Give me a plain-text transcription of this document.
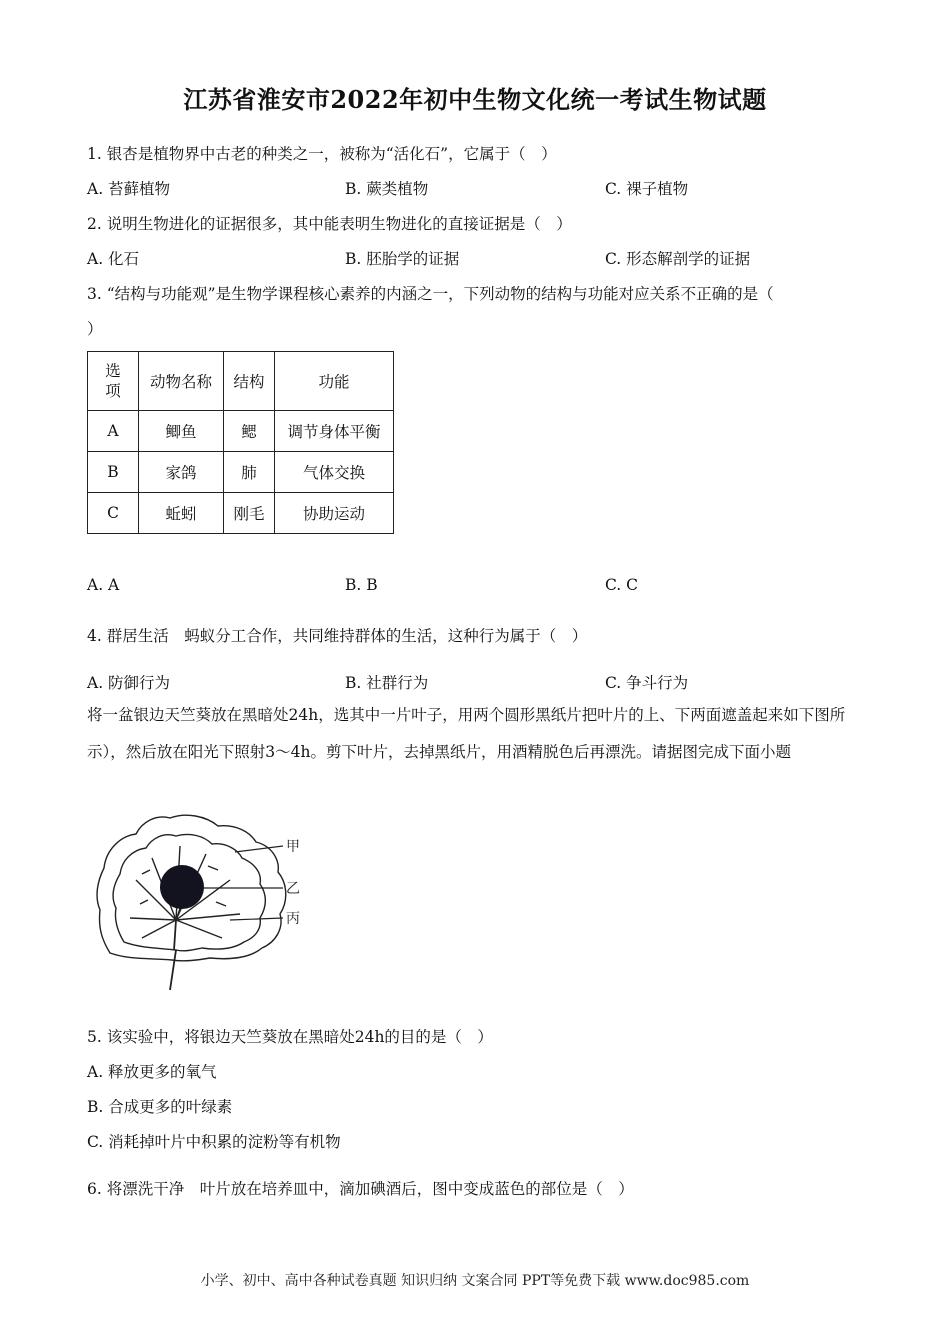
江苏省淮安市2022年初中生物文化统一考试生物试题
1. 银杏是植物界中古老的种类之一，被称为“活化石”，它属于（　）
A. 苔藓植物	B. 蕨类植物	C. 裸子植物
2. 说明生物进化的证据很多，其中能表明生物进化的直接证据是（　）
A. 化石	B. 胚胎学的证据	C. 形态解剖学的证据
3. “结构与功能观”是生物学课程核心素养的内涵之一，下列动物的结构与功能对应关系不正确的是（
）
选项	动物名称	结构	功能
A	鲫鱼	鳃	调节身体平衡
B	家鸽	肺	气体交换
C	蚯蚓	刚毛	协助运动
A. A	B. B	C. C
4. 群居生活　蚂蚁分工合作，共同维持群体的生活，这种行为属于（　）
A. 防御行为	B. 社群行为	C. 争斗行为
将一盆银边天竺葵放在黑暗处24h，选其中一片叶子，用两个圆形黑纸片把叶片的上、下两面遮盖起来如下图所示），然后放在阳光下照射3～4h。剪下叶片，去掉黑纸片，用酒精脱色后再漂洗。请据图完成下面小题
甲
乙
丙
5. 该实验中，将银边天竺葵放在黑暗处24h的目的是（　）
A. 释放更多的氧气
B. 合成更多的叶绿素
C. 消耗掉叶片中积累的淀粉等有机物
6. 将漂洗干净　叶片放在培养皿中，滴加碘酒后，图中变成蓝色的部位是（　）
小学、初中、高中各种试卷真题 知识归纳 文案合同 PPT等免费下载 www.doc985.com
